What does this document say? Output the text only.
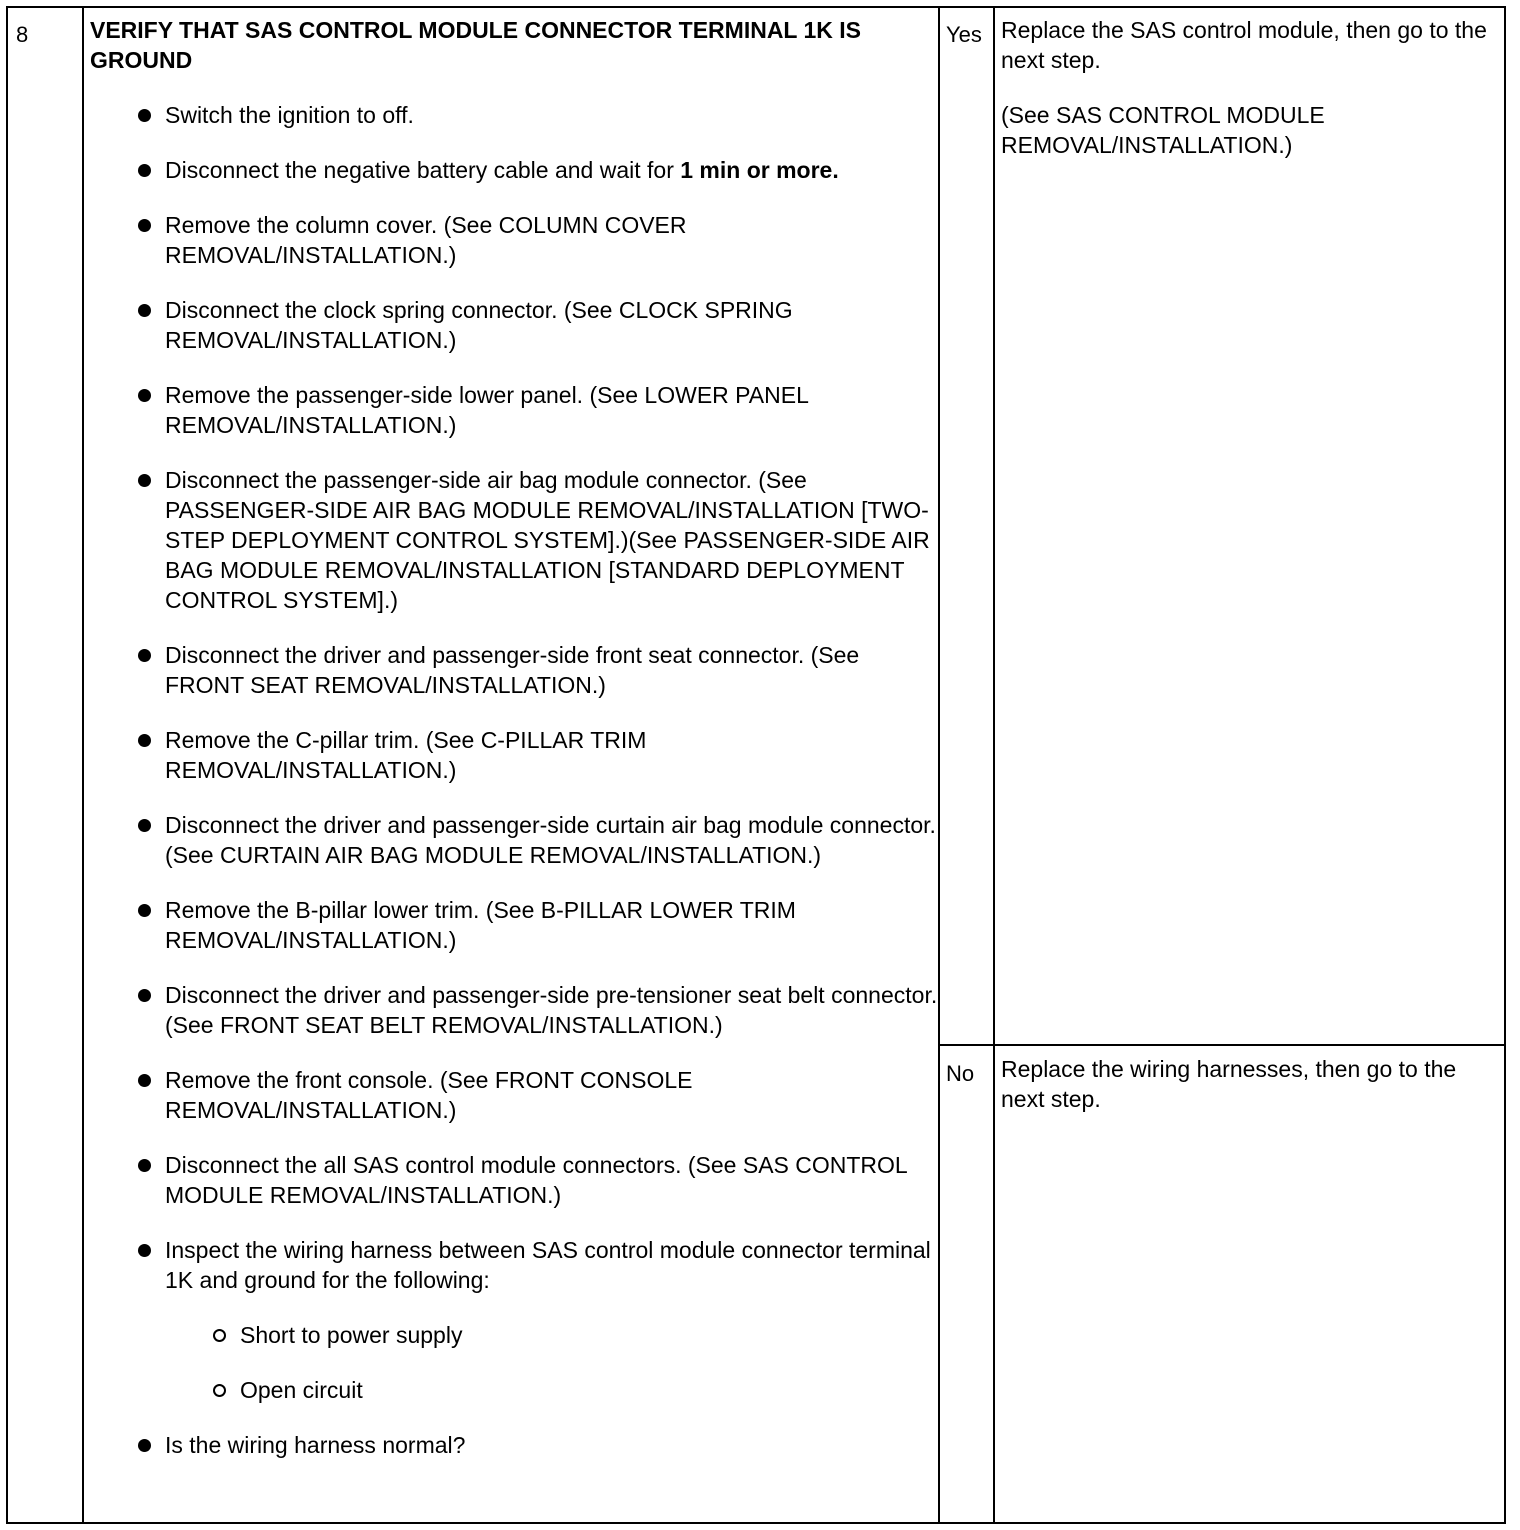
8	VERIFY THAT SAS CONTROL MODULE CONNECTOR TERMINAL 1K IS GROUND
Switch the ignition to off.
Disconnect the negative battery cable and wait for 1 min or more.
Remove the column cover. (See COLUMN COVER REMOVAL/INSTALLATION.)
Disconnect the clock spring connector. (See CLOCK SPRING REMOVAL/INSTALLATION.)
Remove the passenger-side lower panel. (See LOWER PANEL REMOVAL/INSTALLATION.)
Disconnect the passenger-side air bag module connector. (See PASSENGER-SIDE AIR BAG MODULE REMOVAL/INSTALLATION [TWO-STEP DEPLOYMENT CONTROL SYSTEM].)(See PASSENGER-SIDE AIR BAG MODULE REMOVAL/INSTALLATION [STANDARD DEPLOYMENT CONTROL SYSTEM].)
Disconnect the driver and passenger-side front seat connector. (See FRONT SEAT REMOVAL/INSTALLATION.)
Remove the C-pillar trim. (See C-PILLAR TRIM REMOVAL/INSTALLATION.)
Disconnect the driver and passenger-side curtain air bag module connector. (See CURTAIN AIR BAG MODULE REMOVAL/INSTALLATION.)
Remove the B-pillar lower trim. (See B-PILLAR LOWER TRIM REMOVAL/INSTALLATION.)
Disconnect the driver and passenger-side pre-tensioner seat belt connector. (See FRONT SEAT BELT REMOVAL/INSTALLATION.)
Remove the front console. (See FRONT CONSOLE REMOVAL/INSTALLATION.)
Disconnect the all SAS control module connectors. (See SAS CONTROL MODULE REMOVAL/INSTALLATION.)
Inspect the wiring harness between SAS control module connector terminal 1K and ground for the following:
Short to power supply
Open circuit
Is the wiring harness normal?
Yes Replace the SAS control module, then go to the next step.

(See SAS CONTROL MODULE REMOVAL/INSTALLATION.)

No Replace the wiring harnesses, then go to the next step.
